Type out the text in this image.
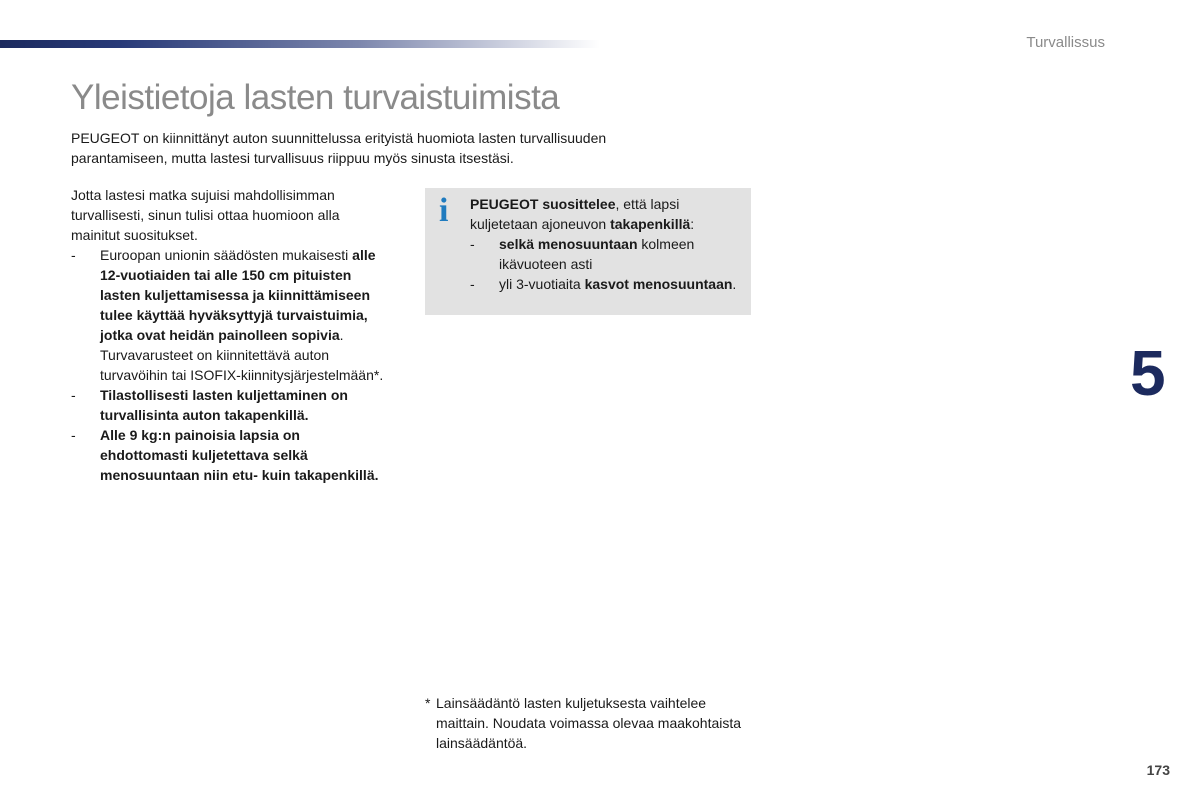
Turvallissus
Yleistietoja lasten turvaistuimista

PEUGEOT on kiinnittänyt auton suunnittelussa erityistä huomiota lasten turvallisuuden parantamiseen, mutta lastesi turvallisuus riippuu myös sinusta itsestäsi.

Jotta lastesi matka sujuisi mahdollisimman turvallisesti, sinun tulisi ottaa huomioon alla mainitut suositukset.

-	Euroopan unionin säädösten mukaisesti alle 12-vuotiaiden tai alle 150 cm pituisten lasten kuljettamisessa ja kiinnittämiseen tulee käyttää hyväksyttyjä turvaistuimia, jotka ovat heidän painolleen sopivia. Turvavarusteet on kiinnitettävä auton turvavöihin tai ISOFIX-kiinnitysjärjestelmään*.
-	Tilastollisesti lasten kuljettaminen on turvallisinta auton takapenkillä.
-	Alle 9 kg:n painoisia lapsia on ehdottomasti kuljetettava selkä menosuuntaan niin etu- kuin takapenkillä.
i PEUGEOT suosittelee, että lapsi kuljetetaan ajoneuvon takapenkillä:

-	selkä menosuuntaan kolmeen ikävuoteen asti
-	yli 3-vuotiaita kasvot menosuuntaan.
5
* Lainsäädäntö lasten kuljetuksesta vaihtelee maittain. Noudata voimassa olevaa maakohtaista lainsäädäntöä.
173
